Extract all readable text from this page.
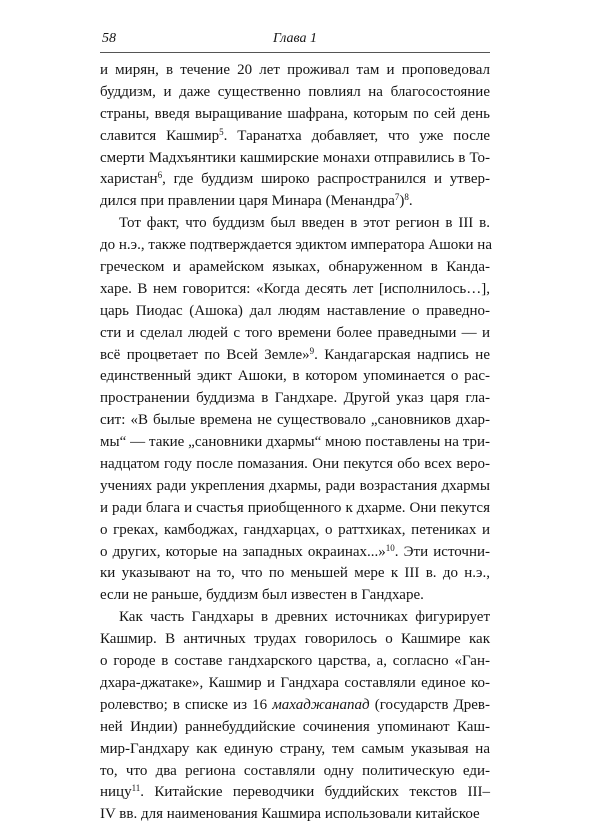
58	Глава 1
и мирян, в течение 20 лет проживал там и проповедовал
буддизм, и даже существенно повлиял на благосостояние
страны, введя выращивание шафрана, которым по сей день
славится Кашмир$^5$. Таранатха добавляет, что уже после
смерти Мадхъянтики кашмирские монахи отправились в То-
харистан$^6$, где буддизм широко распространился и утвер-
дился при правлении царя Минара (Менандра$^7$)$^8$.
Тот факт, что буддизм был введен в этот регион в III в.
до н.э., также подтверждается эдиктом императора Ашоки на
греческом и арамейском языках, обнаруженном в Канда-
харе. В нем говорится: «Когда десять лет [исполнилось…],
царь Пиодас (Ашока) дал людям наставление о праведно-
сти и сделал людей с того времени более праведными — и
всё процветает по Всей Земле»$^9$. Кандагарская надпись не
единственный эдикт Ашоки, в котором упоминается о рас-
пространении буддизма в Гандхаре. Другой указ царя гла-
сит: «В былые времена не существовало „сановников дхар-
мы“ — такие „сановники дхармы“ мною поставлены на три-
надцатом году после помазания. Они пекутся обо всех веро-
учениях ради укрепления дхармы, ради возрастания дхармы
и ради блага и счастья приобщенного к дхарме. Они пекутся
о греках, камбоджах, гандхарцах, о раттхиках, петениках и
о других, которые на западных окраинах...»$^{10}$. Эти источни-
ки указывают на то, что по меньшей мере к III в. до н.э.,
если не раньше, буддизм был известен в Гандхаре.
Как часть Гандхары в древних источниках фигурирует
Кашмир. В античных трудах говорилось о Кашмире как
о городе в составе гандхарского царства, а, согласно «Ган-
дхара-джатаке», Кашмир и Гандхара составляли единое ко-
ролевство; в списке из 16 махаджанапад (государств Древ-
ней Индии) раннебуддийские сочинения упоминают Каш-
мир-Гандхару как единую страну, тем самым указывая на
то, что два региона составляли одну политическую еди-
ницу$^{11}$. Китайские переводчики буддийских текстов III–
IV вв. для наименования Кашмира использовали китайское
